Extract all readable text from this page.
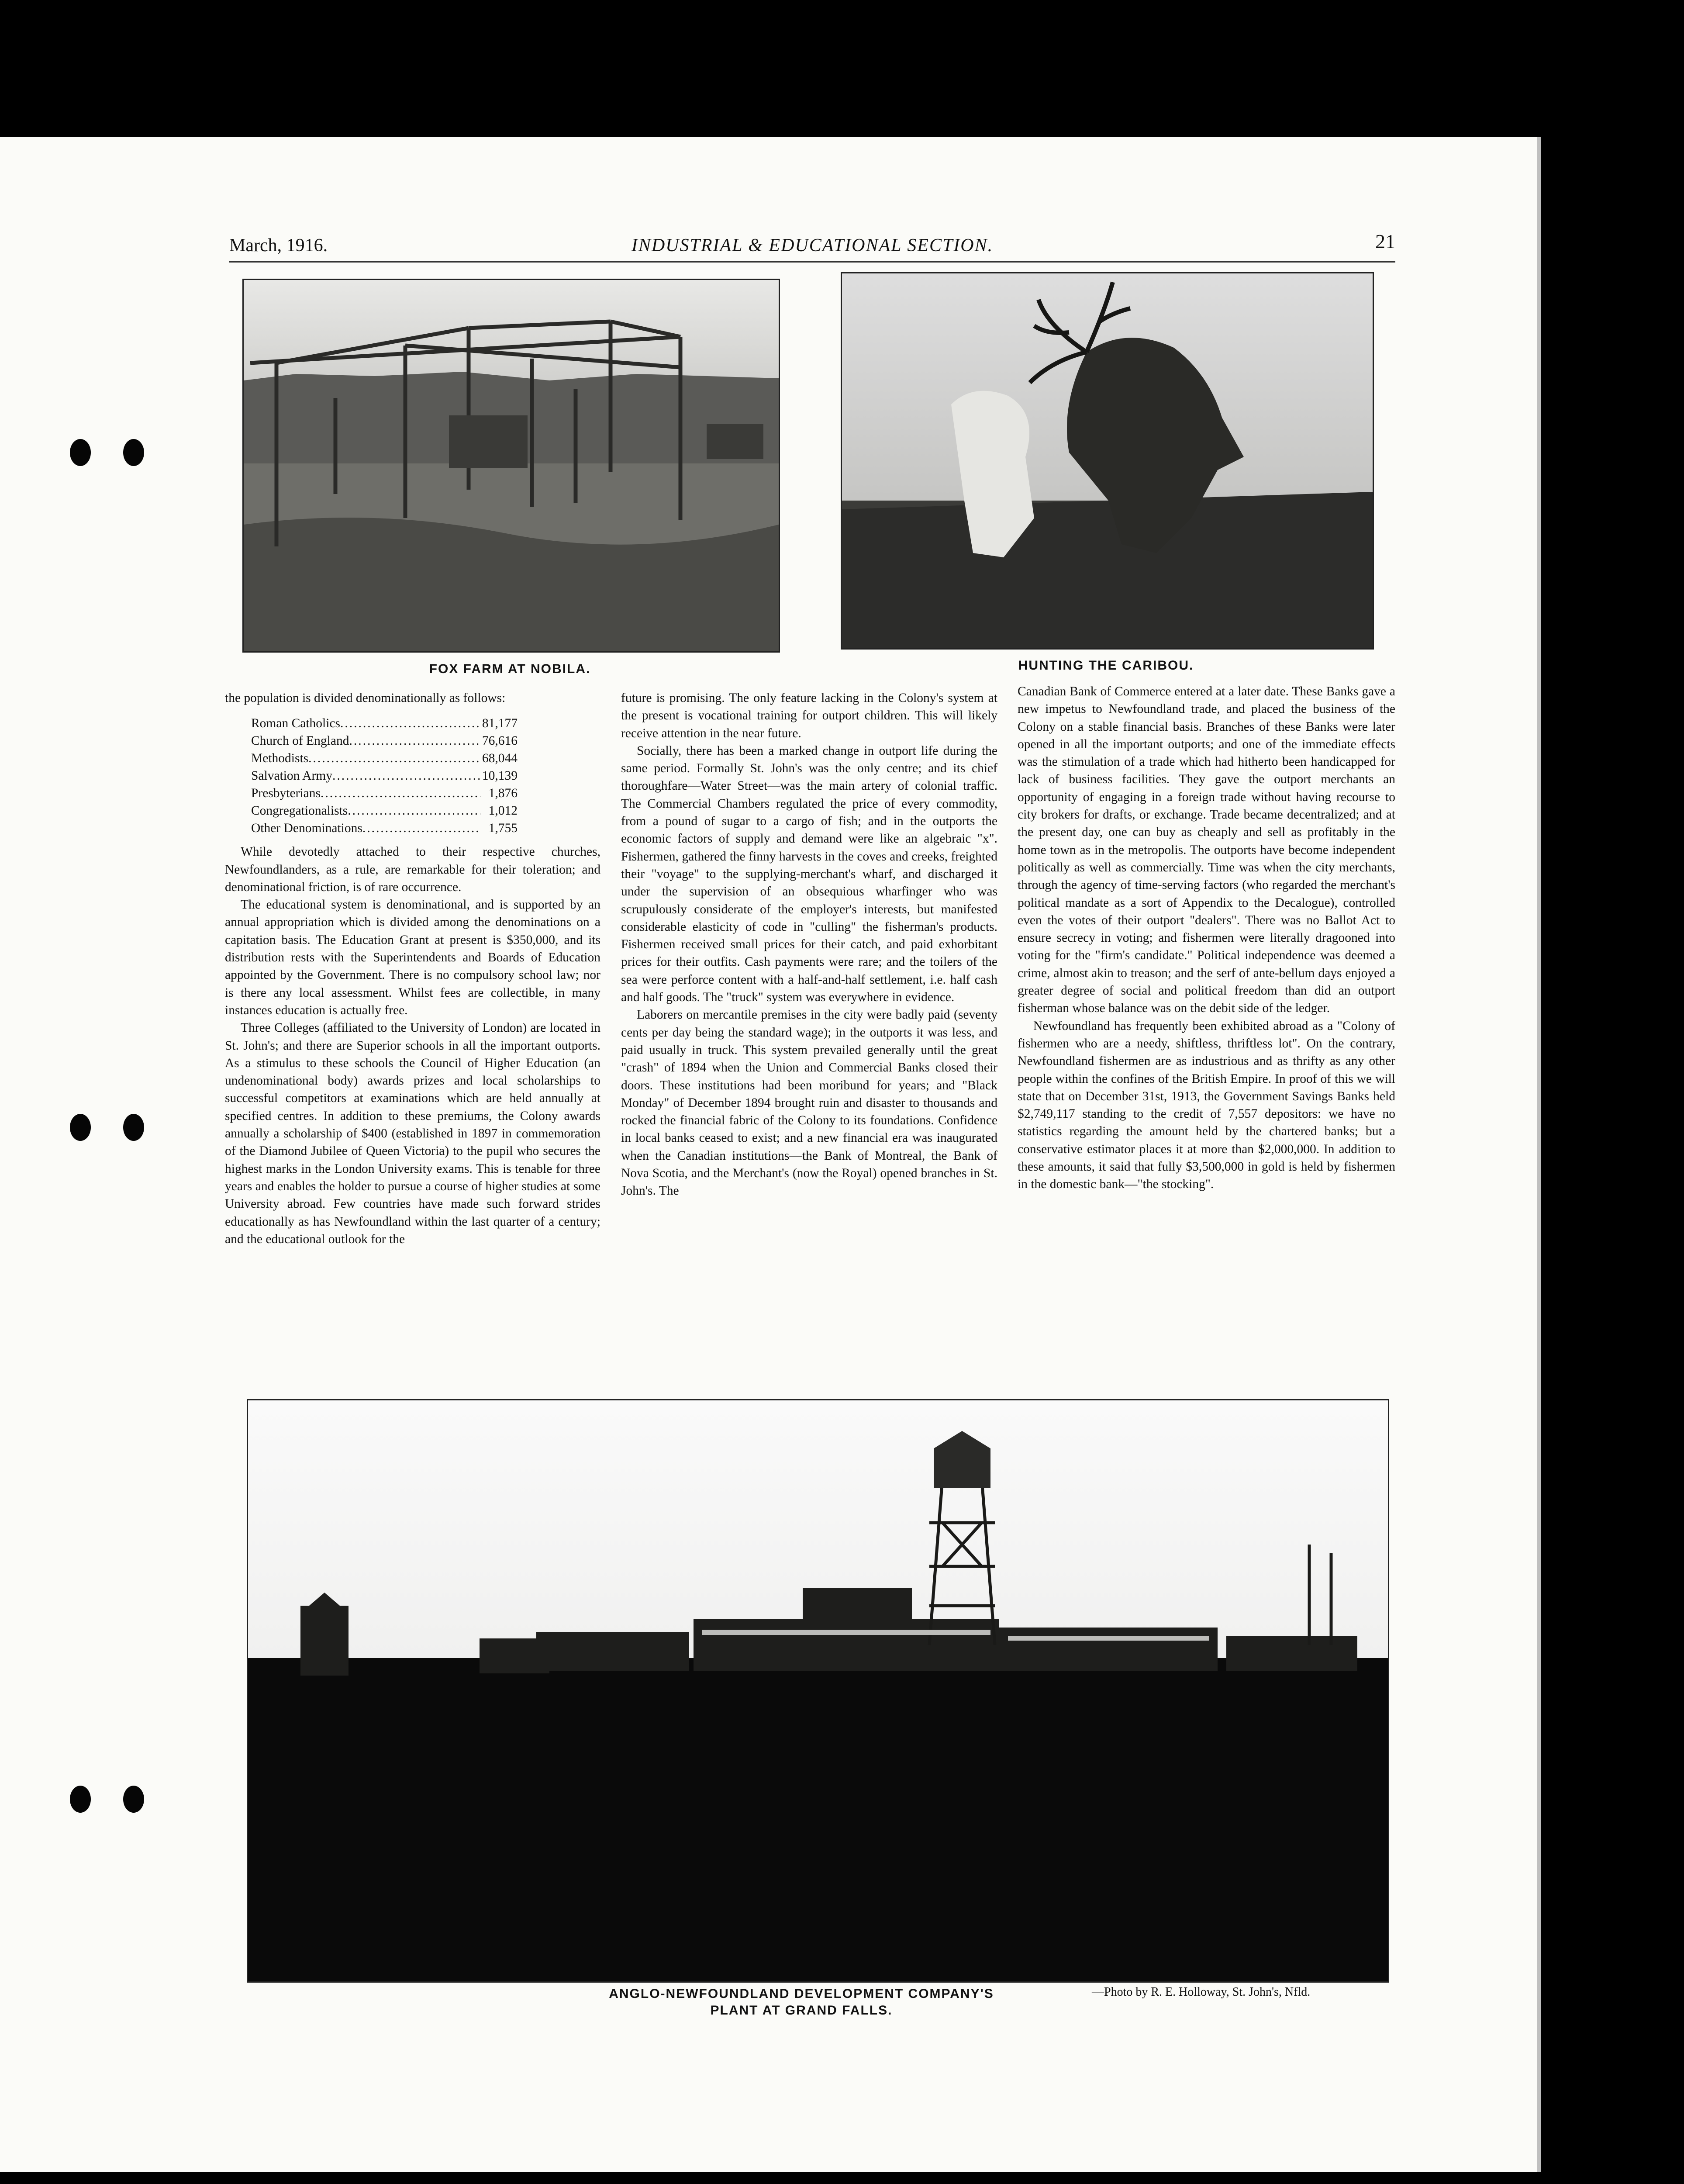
March, 1916.	INDUSTRIAL & EDUCATIONAL SECTION.	21
FOX FARM AT NOBILA.	HUNTING THE CARIBOU.

the population is divided denominationally as follows:

Roman Catholics .....	81,177
Church of England .....	76,616
Methodists .....	68,044
Salvation Army .....	10,139
Presbyterians .....	1,876
Congregationalists .....	1,012
Other Denominations .....	1,755

While devotedly attached to their respective churches, Newfoundlanders, as a rule, are remarkable for their toleration; and denominational friction, is of rare occurrence.

The educational system is denominational, and is supported by an annual appropriation which is divided among the denominations on a capitation basis. The Education Grant at present is $350,000, and its distribution rests with the Superintendents and Boards of Education appointed by the Government. There is no compulsory school law; nor is there any local assessment. Whilst fees are collectible, in many instances education is actually free.

Three Colleges (affiliated to the University of London) are located in St. John's; and there are Superior schools in all the important outports. As a stimulus to these schools the Council of Higher Education (an undenominational body) awards prizes and local scholarships to successful competitors at examinations which are held annually at specified centres. In addition to these premiums, the Colony awards annually a scholarship of $400 (established in 1897 in commemoration of the Diamond Jubilee of Queen Victoria) to the pupil who secures the highest marks in the London University exams. This is tenable for three years and enables the holder to pursue a course of higher studies at some University abroad. Few countries have made such forward strides educationally as has Newfoundland within the last quarter of a century; and the educational outlook for the

future is promising. The only feature lacking in the Colony's system at the present is vocational training for outport children. This will likely receive attention in the near future.

Socially, there has been a marked change in outport life during the same period. Formally St. John's was the only centre; and its chief thoroughfare—Water Street—was the main artery of colonial traffic. The Commercial Chambers regulated the price of every commodity, from a pound of sugar to a cargo of fish; and in the outports the economic factors of supply and demand were like an algebraic "x". Fishermen, gathered the finny harvests in the coves and creeks, freighted their "voyage" to the supplying-merchant's wharf, and discharged it under the supervision of an obsequious wharfinger who was scrupulously considerate of the employer's interests, but manifested considerable elasticity of code in "culling" the fisherman's products. Fishermen received small prices for their catch, and paid exhorbitant prices for their outfits. Cash payments were rare; and the toilers of the sea were perforce content with a half-and-half settlement, i.e. half cash and half goods. The "truck" system was everywhere in evidence.

Laborers on mercantile premises in the city were badly paid (seventy cents per day being the standard wage); in the outports it was less, and paid usually in truck. This system prevailed generally until the great "crash" of 1894 when the Union and Commercial Banks closed their doors. These institutions had been moribund for years; and "Black Monday" of December 1894 brought ruin and disaster to thousands and rocked the financial fabric of the Colony to its foundations. Confidence in local banks ceased to exist; and a new financial era was inaugurated when the Canadian institutions—the Bank of Montreal, the Bank of Nova Scotia, and the Merchant's (now the Royal) opened branches in St. John's. The

Canadian Bank of Commerce entered at a later date. These Banks gave a new impetus to Newfoundland trade, and placed the business of the Colony on a stable financial basis. Branches of these Banks were later opened in all the important outports; and one of the immediate effects was the stimulation of a trade which had hitherto been handicapped for lack of business facilities. They gave the outport merchants an opportunity of engaging in a foreign trade without having recourse to city brokers for drafts, or exchange. Trade became decentralized; and at the present day, one can buy as cheaply and sell as profitably in the home town as in the metropolis. The outports have become independent politically as well as commercially. Time was when the city merchants, through the agency of time-serving factors (who regarded the merchant's political mandate as a sort of Appendix to the Decalogue), controlled even the votes of their outport "dealers". There was no Ballot Act to ensure secrecy in voting; and fishermen were literally dragooned into voting for the "firm's candidate." Political independence was deemed a crime, almost akin to treason; and the serf of ante-bellum days enjoyed a greater degree of social and political freedom than did an outport fisherman whose balance was on the debit side of the ledger.

Newfoundland has frequently been exhibited abroad as a "Colony of fishermen who are a needy, shiftless, thriftless lot". On the contrary, Newfoundland fishermen are as industrious and as thrifty as any other people within the confines of the British Empire. In proof of this we will state that on December 31st, 1913, the Government Savings Banks held $2,749,117 standing to the credit of 7,557 depositors: we have no statistics regarding the amount held by the chartered banks; but a conservative estimator places it at more than $2,000,000. In addition to these amounts, it said that fully $3,500,000 in gold is held by fishermen in the domestic bank—"the stocking".

ANGLO-NEWFOUNDLAND DEVELOPMENT COMPANY'S
PLANT AT GRAND FALLS.
—Photo by R. E. Holloway, St. John's, Nfld.
